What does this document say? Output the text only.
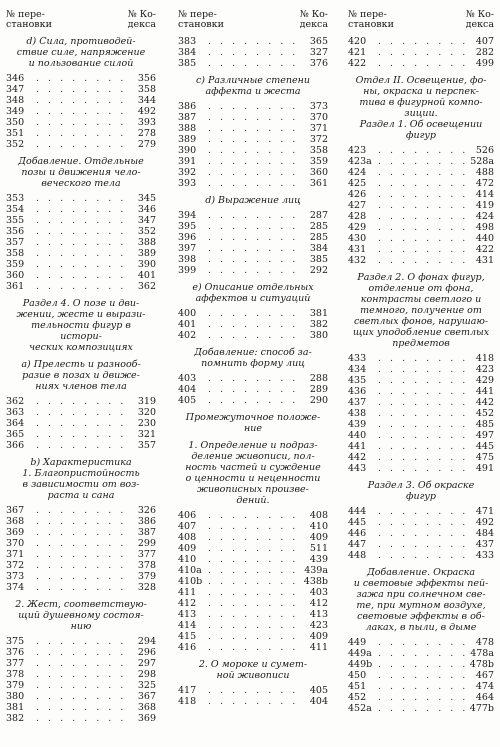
№ пере-
становки
№ Ко-
декса
d) Сила, противодей-
ствие силе, напряжение
и пользование силой
346 . . .	356
347 . . .	358
348 . . .	344
349 . . .	492
350 . . .	393
351 . . .	278
352 . . .	279
Добавление. Отдельные
позы и движения чело-
веческого тела
353 . . .	345
354 . . .	346
355 . . .	347
356 . . .	352
357 . . .	388
358 . . .	389
359 . . .	390
360 . . .	401
361 . . .	362
Раздел 4. О позе и дви-
жении, жесте и вырази-
тельности фигур в истори-
ческих композициях
а) Прелесть и разнооб-
разие в позах и движе-
ниях членов тела
362 . . .	319
363 . . .	320
364 . . .	230
365 . . .	321
366 . . .	357
b) Характеристика
1. Благопристойность
в зависимости от воз-
раста и сана
367 . . .	326
368 . . .	386
369 . . .	387
370 . . .	299
371 . . .	377
372 . . .	378
373 . . .	379
374 . . .	328
2. Жест, соответствую-
щий душевному состоя-
нию
375 . . .	294
376 . . .	296
377 . . .	297
378 . . .	298
379 . . .	325
380 . . .	367
381 . . .	368
382 . . .	369
№ пере-
становки
№ Ко-
декса
383 . . .	365
384 . . .	327
385 . . .	376
c) Различные степени
аффекта и жеста
386 . . .	373
387 . . .	370
388 . . .	371
389 . . .	372
390 . . .	358
391 . . .	359
392 . . .	360
393 . . .	361
d) Выражение лиц
394 . . .	287
395 . . .	285
396 . . .	285
397 . . .	384
398 . . .	385
399 . . .	292
e) Описание отдельных
аффектов и ситуаций
400 . . .	381
401 . . .	382
402 . . .	380
Добавление: способ за-
помнить форму лиц
403 . . .	288
404 . . .	289
405 . . .	290
Промежуточное положе-
ние
1. Определение и подраз-
деление живописи, пол-
ность частей и суждение
о ценности и неценности
живописных произве-
дений.
406 . . .	408
407 . . .	410
408 . . .	409
409 . . .	511
410 . . .	439
410a . . .	439a
410b . . .	438b
411 . . .	403
412 . . .	412
413 . . .	413
414 . . .	423
415 . . .	409
416 . . .	411
2. О мороке и сумет-
ной живописи
417 . . .	405
418 . . .	404
№ пере-
становки
№ Ко-
декса
420 . . .	407
421 . . .	282
422 . . .	499
Отдел II. Освещение, фо-
ны, окраска и перспек-
тива в фигурной компо-
зиции.
Раздел 1. Об освещении
фигур
423 . . .	526
423a . . .	528a
424 . . .	488
425 . . .	472
426 . . .	414
427 . . .	419
428 . . .	424
429 . . .	498
430 . . .	440
431 . . .	422
432 . . .	431
Раздел 2. О фонах фигур,
отделение от фона,
контрасты светлого и
темного, получение от
светлых фонов, нарушаю-
щих уподобление светлых
предметов
433 . . .	418
434 . . .	423
435 . . .	429
436 . . .	441
437 . . .	442
438 . . .	452
439 . . .	485
440 . . .	497
441 . . .	445
442 . . .	475
443 . . .	491
Раздел 3. Об окраске
фигур
444 . . .	471
445 . . .	492
446 . . .	484
447 . . .	437
448 . . .	433
Добавление. Окраска
и световые эффекты пей-
зажа при солнечном све-
те, при мутном воздухе,
световые эффекты в об-
лаках, в пыли, в дыме
449 . . .	478
449a . . .	478a
449b . . .	478b
450 . . .	467
451 . . .	474
452 . . .	464
452a . . .	477b
